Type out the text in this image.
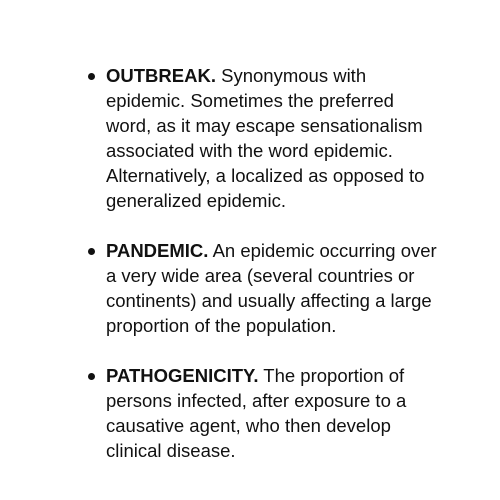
OUTBREAK. Synonymous with epidemic. Sometimes the preferred word, as it may escape sensationalism associated with the word epidemic. Alternatively, a localized as opposed to generalized epidemic.
PANDEMIC. An epidemic occurring over a very wide area (several countries or continents) and usually affecting a large proportion of the population.
PATHOGENICITY. The proportion of persons infected, after exposure to a causative agent, who then develop clinical disease.
